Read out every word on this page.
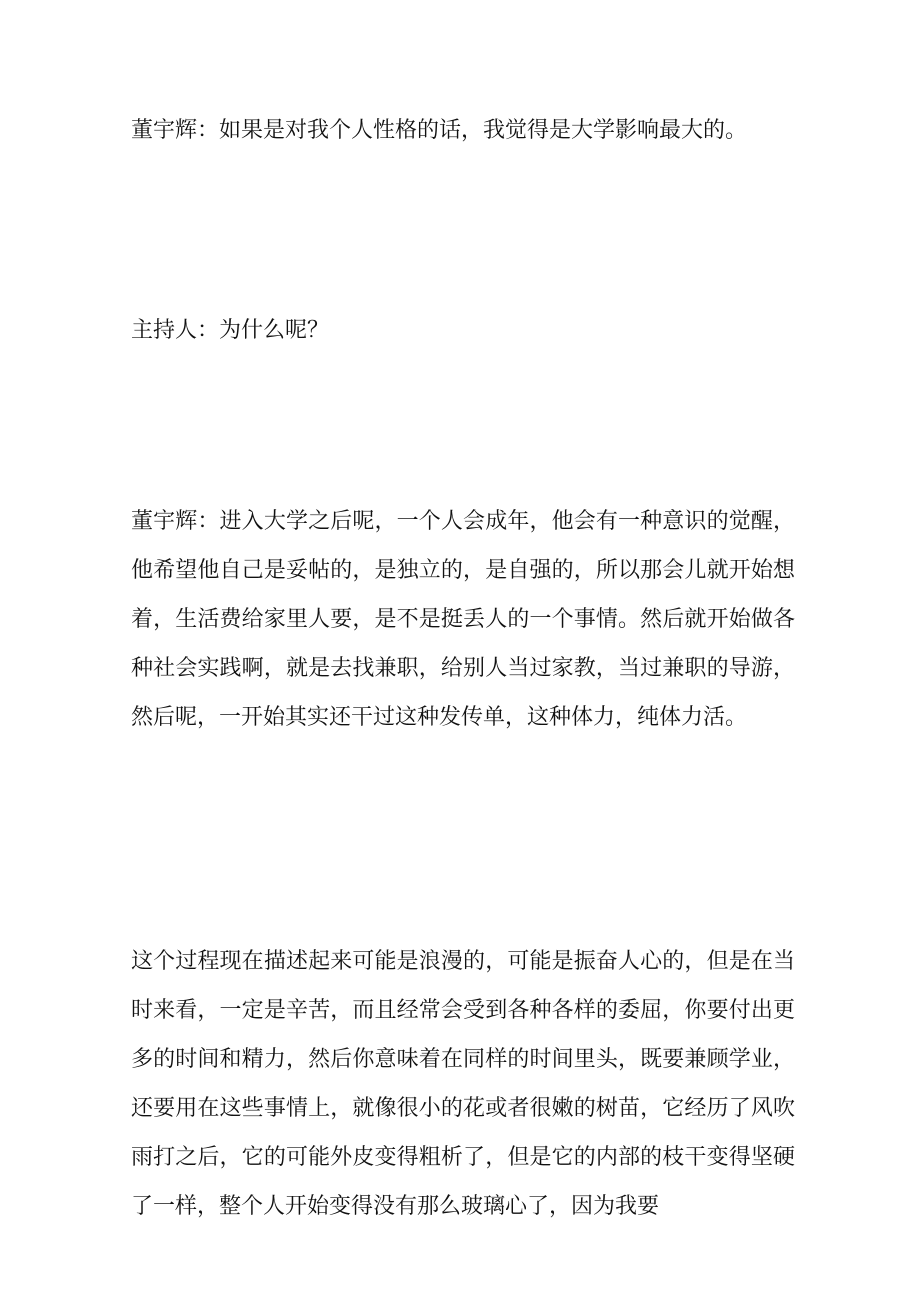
董宇辉：如果是对我个人性格的话，我觉得是大学影响最大的。

主持人：为什么呢？

董宇辉：进入大学之后呢，一个人会成年，他会有一种意识的觉醒，他希望他自己是妥帖的，是独立的，是自强的，所以那会儿就开始想着，生活费给家里人要，是不是挺丢人的一个事情。然后就开始做各种社会实践啊，就是去找兼职，给别人当过家教，当过兼职的导游，然后呢，一开始其实还干过这种发传单，这种体力，纯体力活。

这个过程现在描述起来可能是浪漫的，可能是振奋人心的，但是在当时来看，一定是辛苦，而且经常会受到各种各样的委屈，你要付出更多的时间和精力，然后你意味着在同样的时间里头，既要兼顾学业，还要用在这些事情上，就像很小的花或者很嫩的树苗，它经历了风吹雨打之后，它的可能外皮变得粗析了，但是它的内部的枝干变得坚硬了一样，整个人开始变得没有那么玻璃心了，因为我要
